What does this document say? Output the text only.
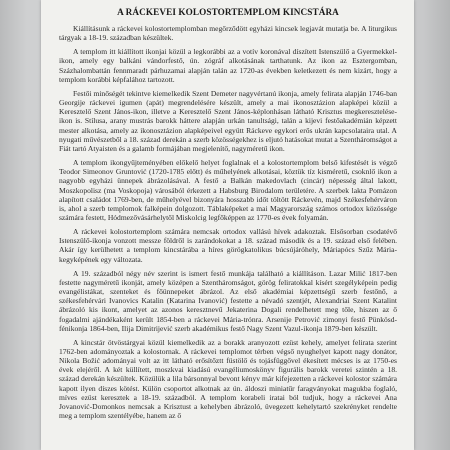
A RÁCKEVEI KOLOSTORTEMPLOM KINCSTÁRA

Kiállításunk a ráckevei kolostortemplomban megőrződött egyházi kincsek legjavát mutatja be. A liturgikus tárgyak a 18-19. században készültek.

A templom itt kiállított ikonjai közül a legkorábbi az a votív koronával díszített Istenszülő a Gyermekkel-ikon, amely egy balkáni vándorfestő, ún. zógráf alkotásának tarthatunk. Az ikon az Esztergomban, Százhalombattán fennmaradt párhuzamai alapján talán az 1720-as években keletkezett és nem kizárt, hogy a templom korábbi képfalához tartozott.

Festői minőségét tekintve kiemelkedik Szent Demeter nagyvértanú ikonja, amely felirata alapján 1746-ban Georgije ráckevei igumen (apát) megrendelésére készült, amely a mai ikonosztázion alapképei közül a Keresztelő Szent János-ikon, illetve a Keresztelő Szent János-képlonhásan látható Krisztus megkeresztelése-ikon is. Stílusa, arany mustrás barokk háttere alapján urkán tanultsági, talán a kijevi festőakadémián képzett mester alkotása, amely az ikonosztázion alapképeivel együtt Ráckeve egykori erős ukrán kapcsolataira utal. A nyugati művészetből a 18. század derekán a szerb közösségekhez is eljutó hatásokat mutat a Szentháromságot a Fiát tartó Atyaisten és a galamb formájában megjelenítő, nagyméretű ikon.

A templom ikongyűjteményében előkelő helyet foglalnak el a kolostortemplom belső kifestését is végző Teodor Simeonov Gruntović (1720-1785 előtt) és műhelyének alkotásai, köztük tíz kisméretű, csoknlő ikon a nagyobb egyházi ünnepek ábrázolásával. A festő a Balkán makedovlach (cincár) népesség által lakott, Moszkopolisz (ma Voskopoja) városából érkezett a Habsburg Birodalom területére. A szerbek lakta Pomázon alapított családot 1769-ben, de műhelyével bizonyára hosszabb időt töltött Ráckevén, majd Székesfehérváron is, ahol a szerb templomok falképein dolgozott. Táblaképeket a mai Magyarország számos ortodox közössége számára festett, Hódmezővásárhelytől Miskolcig legfőképpen az 1770-es évek folyamán.

A ráckevei kolostortemplom számára nemcsak ortodox vallású hívek adakoztak. Elsősorban csodatévő Istenszülő-ikonja vonzott messze földről is zarándokokat a 18. század második és a 19. század első felében. Akár így kerülhetett a templom kincstárába a híres görögkatolikus búcsújáróhely, Máriapócs Szűz Mária-kegyképének egy változata.

A 19. századból négy név szerint is ismert festő munkája található a kiállításon. Lazar Milić 1817-ben festette nagyméretű ikonját, amely középen a Szentháromságot, görög feliratokkal kísért szegélyképein pedig evangélistákat, szenteket és főünnepeket ábrázol. Az első akadémiai képzettségű szerb festőnő, a székesfehérvári Ivanovics Katalin (Katarina Ivanović) festette a névadó szentjét, Alexandriai Szent Katalint ábrázoló kis ikont, amelyet az azonos keresztnevű Jekaterina Dogali rendelhetett meg tőle, hiszen az ő fogadalmi ajándékaként került 1854-ben a ráckevei Mária-trónra. Arsenije Petrović zimonyi festő Pünkösd-fénikonja 1864-ben, Ilija Dimitrijević szerb akadémikus festő Nagy Szent Vazul-ikonja 1879-ben készült.

A kincstár ötvöstárgyai közül kiemelkedik az a borakk aranyozott ezüst kehely, amelyet felirata szerint 1762-ben adományoztak a kolostornak. A ráckevei templomot térben végső nyughelyet kapott nagy donátor, Nikola Božić adományai volt az itt látható erősítőztt füstölő és tojásfüggővel ékesített mécses is az 1750-es évek elejéről. A két küllített, moszkvai kiadású evangéliumoskönyv figurális barokk veretei szintén a 18. század derekán készültek. Közülük a lila bársonnyal bevont kényv már kifejezetten a ráckevei kolostor számára kapott ilyen díszes kötést. Külön csoportot alkotnak az ún. áldoszi miniatűr faragványokat magukba foglaló, míves ezüst keresztek a 18-19. századból. A templom korabeli iratai ból tudjuk, hogy a ráckevei Ana Jovanović-Domonkos nemcsak a Krisztust a kehelyben ábrázoló, üvegezett kehelytartó szekrényket rendelte meg a templom szentélyébe, hanem az ő
